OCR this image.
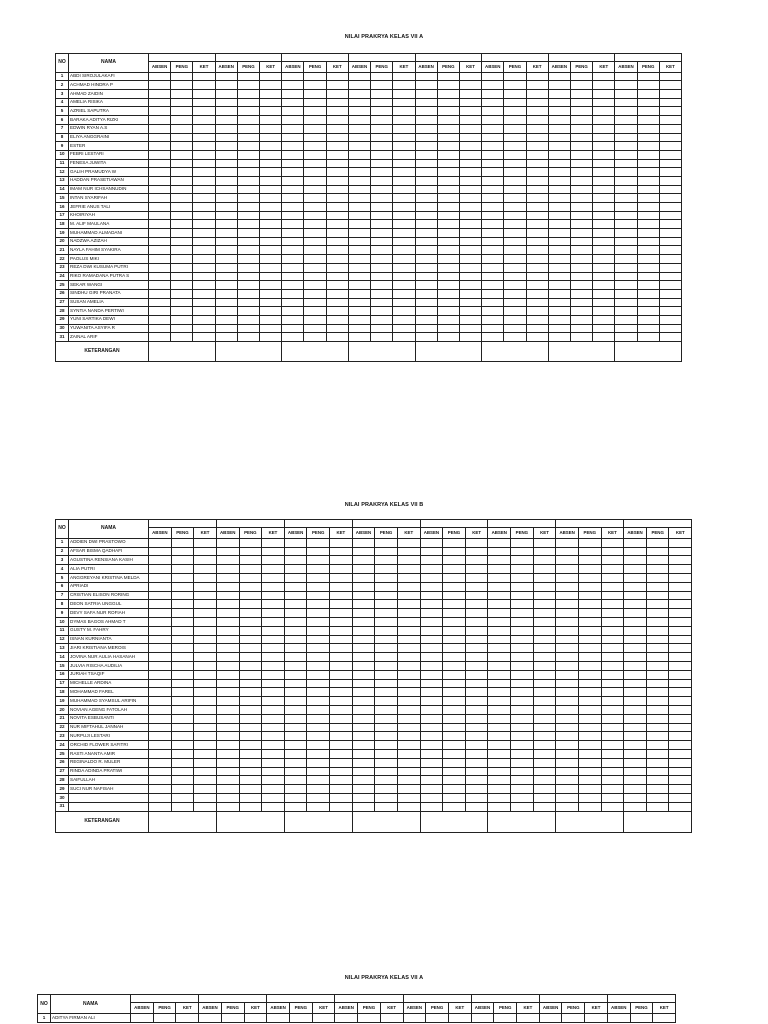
NILAI PRAKRYA KELAS VII A
NO	NAMA																								
		ABSEN	PENG	KET	ABSEN	PENG	KET	ABSEN	PENG	KET	ABSEN	PENG	KET	ABSEN	PENG	KET	ABSEN	PENG	KET	ABSEN	PENG	KET	ABSEN	PENG	KET
1	ABDI SIROJULAKAFI																								
2	ACHMAD HINDRA P																								
3	AHMAD ZAIDIN																								
4	AMELIA RISIKA																								
5	AZRIEL SAPUTRA																								
6	BARAKA ADITYA RIZKI																								
7	EDWIN RYAN A.S																								
8	ELIYA ANGGRAINI																								
9	ESTER																								
10	FEBRI LESTARI																								
11	FENESA JUWITA																								
12	GALIH PRAMUDYA W																								
13	HADDAN PRASETIAWAN																								
14	IMAM NUR ICHSANNUDIN																								
15	INTAN SYARIFAH																								
16	JEFRIE ANUS TALI																								
17	KHOIRIYAH																								
18	M. ALIF MAULANA																								
19	MUHAMMAD ALMADANI																								
20	NADZWA AZIZAH																								
21	NAYLA FAHIM SYAKIRA																								
22	PAOLUS MIKI																								
23	REZA DWI KUSUMA PUTRI																								
24	RIKO RAMADANA PUTRA S																								
25	SEKAR WANGI																								
26	SINDHU GIRI PRANATA																								
27	SUSAN AMELIA																								
28	SYNTIA NANDA PERTIWI																								
29	YUNI SARTIKA DEWI																								
30	YUWANITA ASYIFA R																								
31	ZAINAL ARIF																								
KETERANGAN																									
NILAI PRAKRYA KELAS VII B
NO	NAMA																								
		ABSEN	PENG	KET	ABSEN	PENG	KET	ABSEN	PENG	KET	ABSEN	PENG	KET	ABSEN	PENG	KET	ABSEN	PENG	KET	ABSEN	PENG	KET	ABSEN	PENG	KET
1	ADDIEN DWI PRASTOWO																								
2	AFSAR BISMA QADHAFI																								
3	AGUSTINA RENSIANA KASIH																								
4	ALIA PUTRI																								
5	ANGGREYANI KRISTINA MELDA																								
6	APRIADI																								
7	CRISTIAN ELISON RORING																								
8	DEON SATRIA UNGGUL																								
9	DEVY SAFA NUR ROFIAH																								
10	DYMAS BAGOS AHMAD T																								
11	GUSTY M. FAHRY																								
12	ISNAN KURNIANTA																								
13	JIARI KRISTIANA MEROIS																								
14	JOVINA NUR AULIA HASANAH																								
15	JULVIA RISCHA AUDILIA																								
16	JURIAH TSAQIF																								
17	MICHELLE ARDINA																								
18	MOHAMMAD FAREL																								
19	MUHAMMAD SYAMSUL ARIFIN																								
20	NOVIAN AGENG FATOLAH																								
21	NOVITA ESBUSANTI																								
22	NUR MIFTAHUL JANNAH																								
23	NURPUJI LESTARI																								
24	ORCHID FLOWER SAFITRI																								
25	RASTI ANANTA AMIR																								
26	REGINALDO R. MULER																								
27	RINDA ADINDA PRATIWI																								
28	SAIFULLAH																								
29	SUCI NUR NAFISAH																								
30																									
31																									
KETERANGAN																									
NILAI PRAKRYA KELAS VII A
NO	NAMA																								
		ABSEN	PENG	KET	ABSEN	PENG	KET	ABSEN	PENG	KET	ABSEN	PENG	KET	ABSEN	PENG	KET	ABSEN	PENG	KET	ABSEN	PENG	KET	ABSEN	PENG	KET
1	ADITYA FIRMAN ALI																								
